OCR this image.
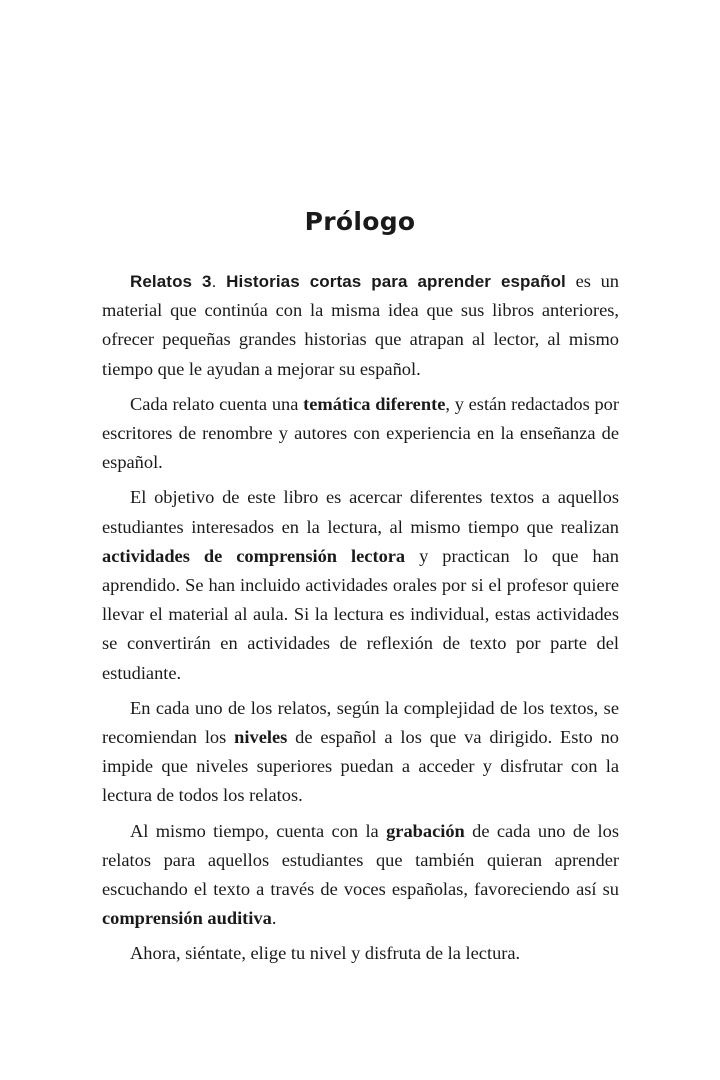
Prólogo

Relatos 3. Historias cortas para aprender español es un material que continúa con la misma idea que sus libros anteriores, ofrecer pequeñas grandes historias que atrapan al lector, al mismo tiempo que le ayudan a mejorar su español.

Cada relato cuenta una temática diferente, y están redactados por escritores de renombre y autores con experiencia en la enseñanza de español.

El objetivo de este libro es acercar diferentes textos a aquellos estudiantes interesados en la lectura, al mismo tiempo que realizan actividades de comprensión lectora y practican lo que han aprendido. Se han incluido actividades orales por si el profesor quiere llevar el material al aula. Si la lectura es individual, estas actividades se convertirán en actividades de reflexión de texto por parte del estudiante.

En cada uno de los relatos, según la complejidad de los textos, se recomiendan los niveles de español a los que va dirigido. Esto no impide que niveles superiores puedan a acceder y disfrutar con la lectura de todos los relatos.

Al mismo tiempo, cuenta con la grabación de cada uno de los relatos para aquellos estudiantes que también quieran aprender escuchando el texto a través de voces españolas, favoreciendo así su comprensión auditiva.

Ahora, siéntate, elige tu nivel y disfruta de la lectura.
